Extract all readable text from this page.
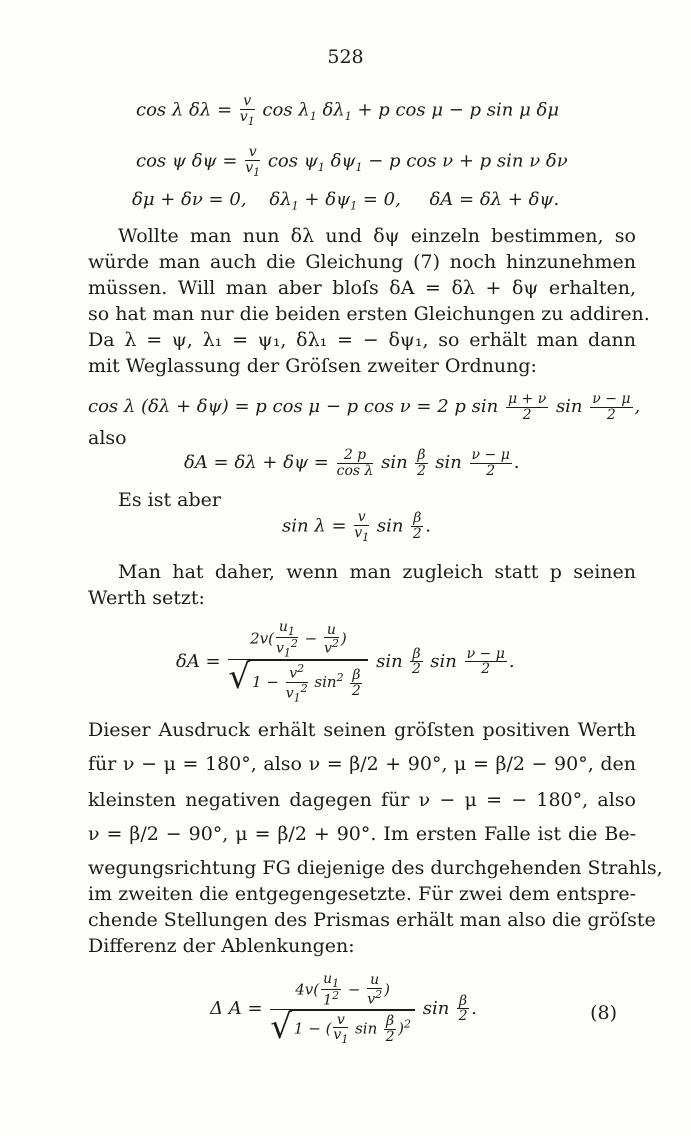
528
cos λ $\delta\lambda = \frac{v}{v_1}$ $\cos \lambda_1$ $\delta\lambda_1 + p$ cos μ − p sin μ δμ
cos ψ $\delta\psi = \frac{v}{v_1}$ $\cos \psi_1$ $\delta\psi_1 - p$ cos ν + p sin ν δν
δμ + δν = 0,    $\delta\lambda_1 + \delta\psi_1 = 0$,     δA = δλ + δψ.
Wollte man nun δλ und δψ einzeln bestimmen, so
würde man auch die Gleichung (7) noch hinzunehmen
müssen. Will man aber bloſs δA = δλ + δψ erhalten,
so hat man nur die beiden ersten Gleichungen zu addiren.
Da λ = ψ, λ₁ = ψ₁, δλ₁ = − δψ₁, so erhält man dann
mit Weglassung der Gröſsen zweiter Ordnung:
cos λ (δλ + δψ) = p cos μ − p cos ν = 2 p $\sin \frac{\mu + \nu}{2}$ $\sin \frac{\nu - \mu}{2}$ ,
also
$\delta A = \delta\lambda + \delta\psi = \frac{2 p}{\text{cos λ}}$ $\sin \frac{\beta}{2}$ $\sin \frac{\nu - \mu}{2}$ .
Es ist aber
$\sin \lambda = \frac{v}{v_1}$ $\sin \frac{\beta}{2}$ .
Man hat daher, wenn man zugleich statt p seinen
Werth setzt:
$\delta A = \frac{2v( \frac{u_1}{v_1^2} - \frac{u}{v^2} )}{√ 1 - \frac{v^2}{v_1^2} \sin^2 \frac{\beta}{2}}$ $\sin \frac{\beta}{2}$ $\sin \frac{\nu - \mu}{2}$ .
Dieser Ausdruck erhält seinen gröſsten positiven Werth
für ν − μ = 180°, also ν = β/2 + 90°, μ = β/2 − 90°, den
kleinsten negativen dagegen für ν − μ = − 180°, also
ν = β/2 − 90°, μ = β/2 + 90°. Im ersten Falle ist die Be-
wegungsrichtung FG diejenige des durchgehenden Strahls,
im zweiten die entgegengesetzte. Für zwei dem entspre-
chende Stellungen des Prismas erhält man also die gröſste
Differenz der Ablenkungen:
Δ $A = \frac{4v( \frac{u_1}{1^2} - \frac{u}{v^2} )}{√ 1 - ( \frac{v}{v_1} \sin \frac{\beta}{2} )^2}$ $\sin \frac{\beta}{2}$ .	(8)
